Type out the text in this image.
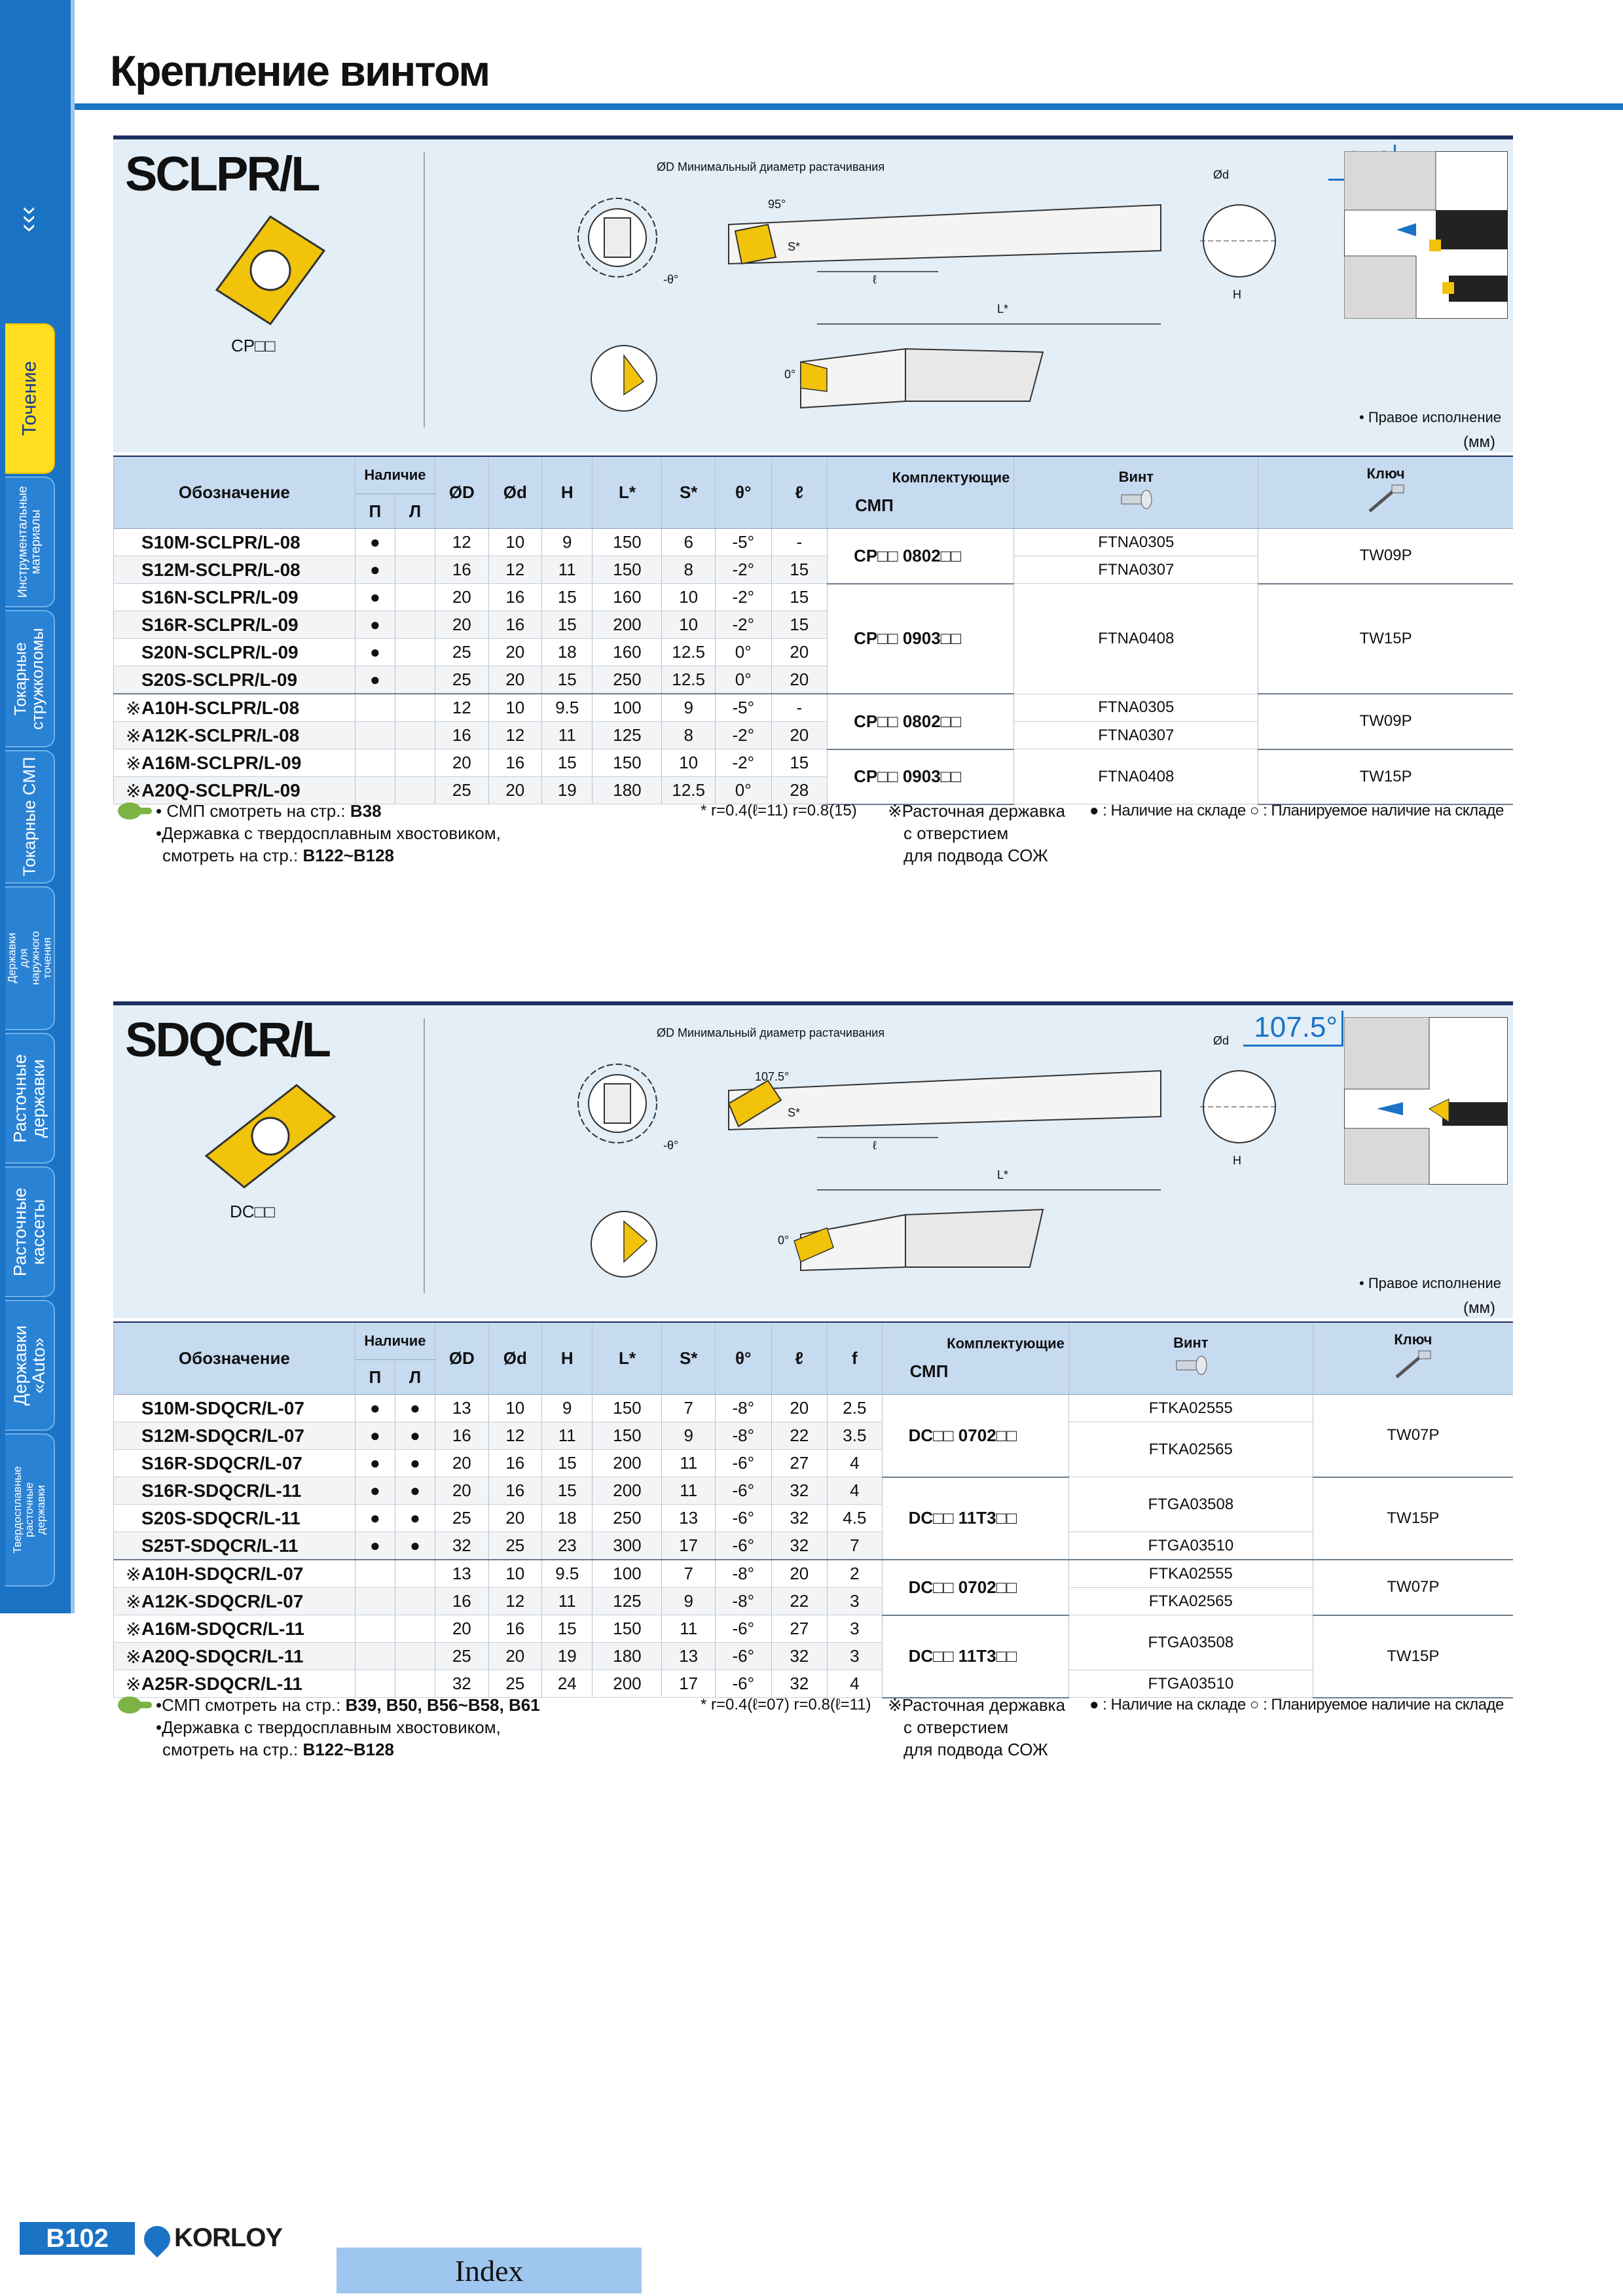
‹‹‹
Точение
Инструментальные материалы
Токарные стружколомы
Токарные СМП
Державки для наружного точения
Расточные державки
Расточные кассеты
Державки «Auto»
Твердосплавные расточные державки
Крепление винтом
SCLPR/L
CP□□
ØD Минимальный диаметр растачивания
-θ°
95°
S*
ℓ
L*
Ød
H
0°
• Правое исполнение
(мм)
Обозначение	Наличие		ØD	Ød	H	L*	S*	θ°	ℓ	Комплектующие
СМП	Винт	Ключ

	П	Л										

S10M-SCLPR/L-08	●		12	10	9	150	6	-5°	-	CP□□ 0802□□	FTNA0305	TW09P

S12M-SCLPR/L-08	●		16	12	11	150	8	-2°	15		FTNA0307	

S16N-SCLPR/L-09	●		20	16	15	160	10	-2°	15	CP□□ 0903□□	FTNA0408	TW15P

S16R-SCLPR/L-09	●		20	16	15	200	10	-2°	15			

S20N-SCLPR/L-09	●		25	20	18	160	12.5	0°	20			

S20S-SCLPR/L-09	●		25	20	15	250	12.5	0°	20			

※ A10H-SCLPR/L-08			12	10	9.5	100	9	-5°	-	CP□□ 0802□□	FTNA0305	TW09P

※ A12K-SCLPR/L-08			16	12	11	125	8	-2°	20		FTNA0307	

※ A16M-SCLPR/L-09			20	16	15	150	10	-2°	15	CP□□ 0903□□	FTNA0408	TW15P

※ A20Q-SCLPR/L-09			25	20	19	180	12.5	0°	28			
• СМП смотреть на стр.: B38
•Державка с твердосплавным хвостовиком,
смотреть на стр.: B122~B128
* r=0.4(ℓ=11) r=0.8(15) ※Расточная державка
с отверстием
для подвода СОЖ
● : Наличие на складе ○ : Планируемое наличие на складе
SDQCR/L
DC□□
ØD Минимальный диаметр растачивания
-θ°
107.5°
S*
ℓ
L*
Ød
H
0°
107.5°
• Правое исполнение
(мм)
Обозначение	Наличие		ØD	Ød	H	L*	S*	θ°	ℓ	f	Комплектующие
СМП	Винт	Ключ

	П	Л											

S10M-SDQCR/L-07	●	●	13	10	9	150	7	-8°	20	2.5	DC□□ 0702□□	FTKA02555	TW07P

S12M-SDQCR/L-07	●	●	16	12	11	150	9	-8°	22	3.5		FTKA02565	

S16R-SDQCR/L-07	●	●	20	16	15	200	11	-6°	27	4			

S16R-SDQCR/L-11	●	●	20	16	15	200	11	-6°	32	4	DC□□ 11T3□□	FTGA03508	TW15P

S20S-SDQCR/L-11	●	●	25	20	18	250	13	-6°	32	4.5			

S25T-SDQCR/L-11	●	●	32	25	23	300	17	-6°	32	7		FTGA03510	

※ A10H-SDQCR/L-07			13	10	9.5	100	7	-8°	20	2	DC□□ 0702□□	FTKA02555	TW07P

※ A12K-SDQCR/L-07			16	12	11	125	9	-8°	22	3		FTKA02565	

※ A16M-SDQCR/L-11			20	16	15	150	11	-6°	27	3	DC□□ 11T3□□	FTGA03508	TW15P

※ A20Q-SDQCR/L-11			25	20	19	180	13	-6°	32	3			

※ A25R-SDQCR/L-11			32	25	24	200	17	-6°	32	4		FTGA03510	
•СМП смотреть на стр.: B39, B50, B56~B58, B61
•Державка с твердосплавным хвостовиком,
смотреть на стр.: B122~B128
* r=0.4(ℓ=07) r=0.8(ℓ=11) ※Расточная державка
с отверстием
для подвода СОЖ
● : Наличие на складе ○ : Планируемое наличие на складе
B102	KORLOY
Index
